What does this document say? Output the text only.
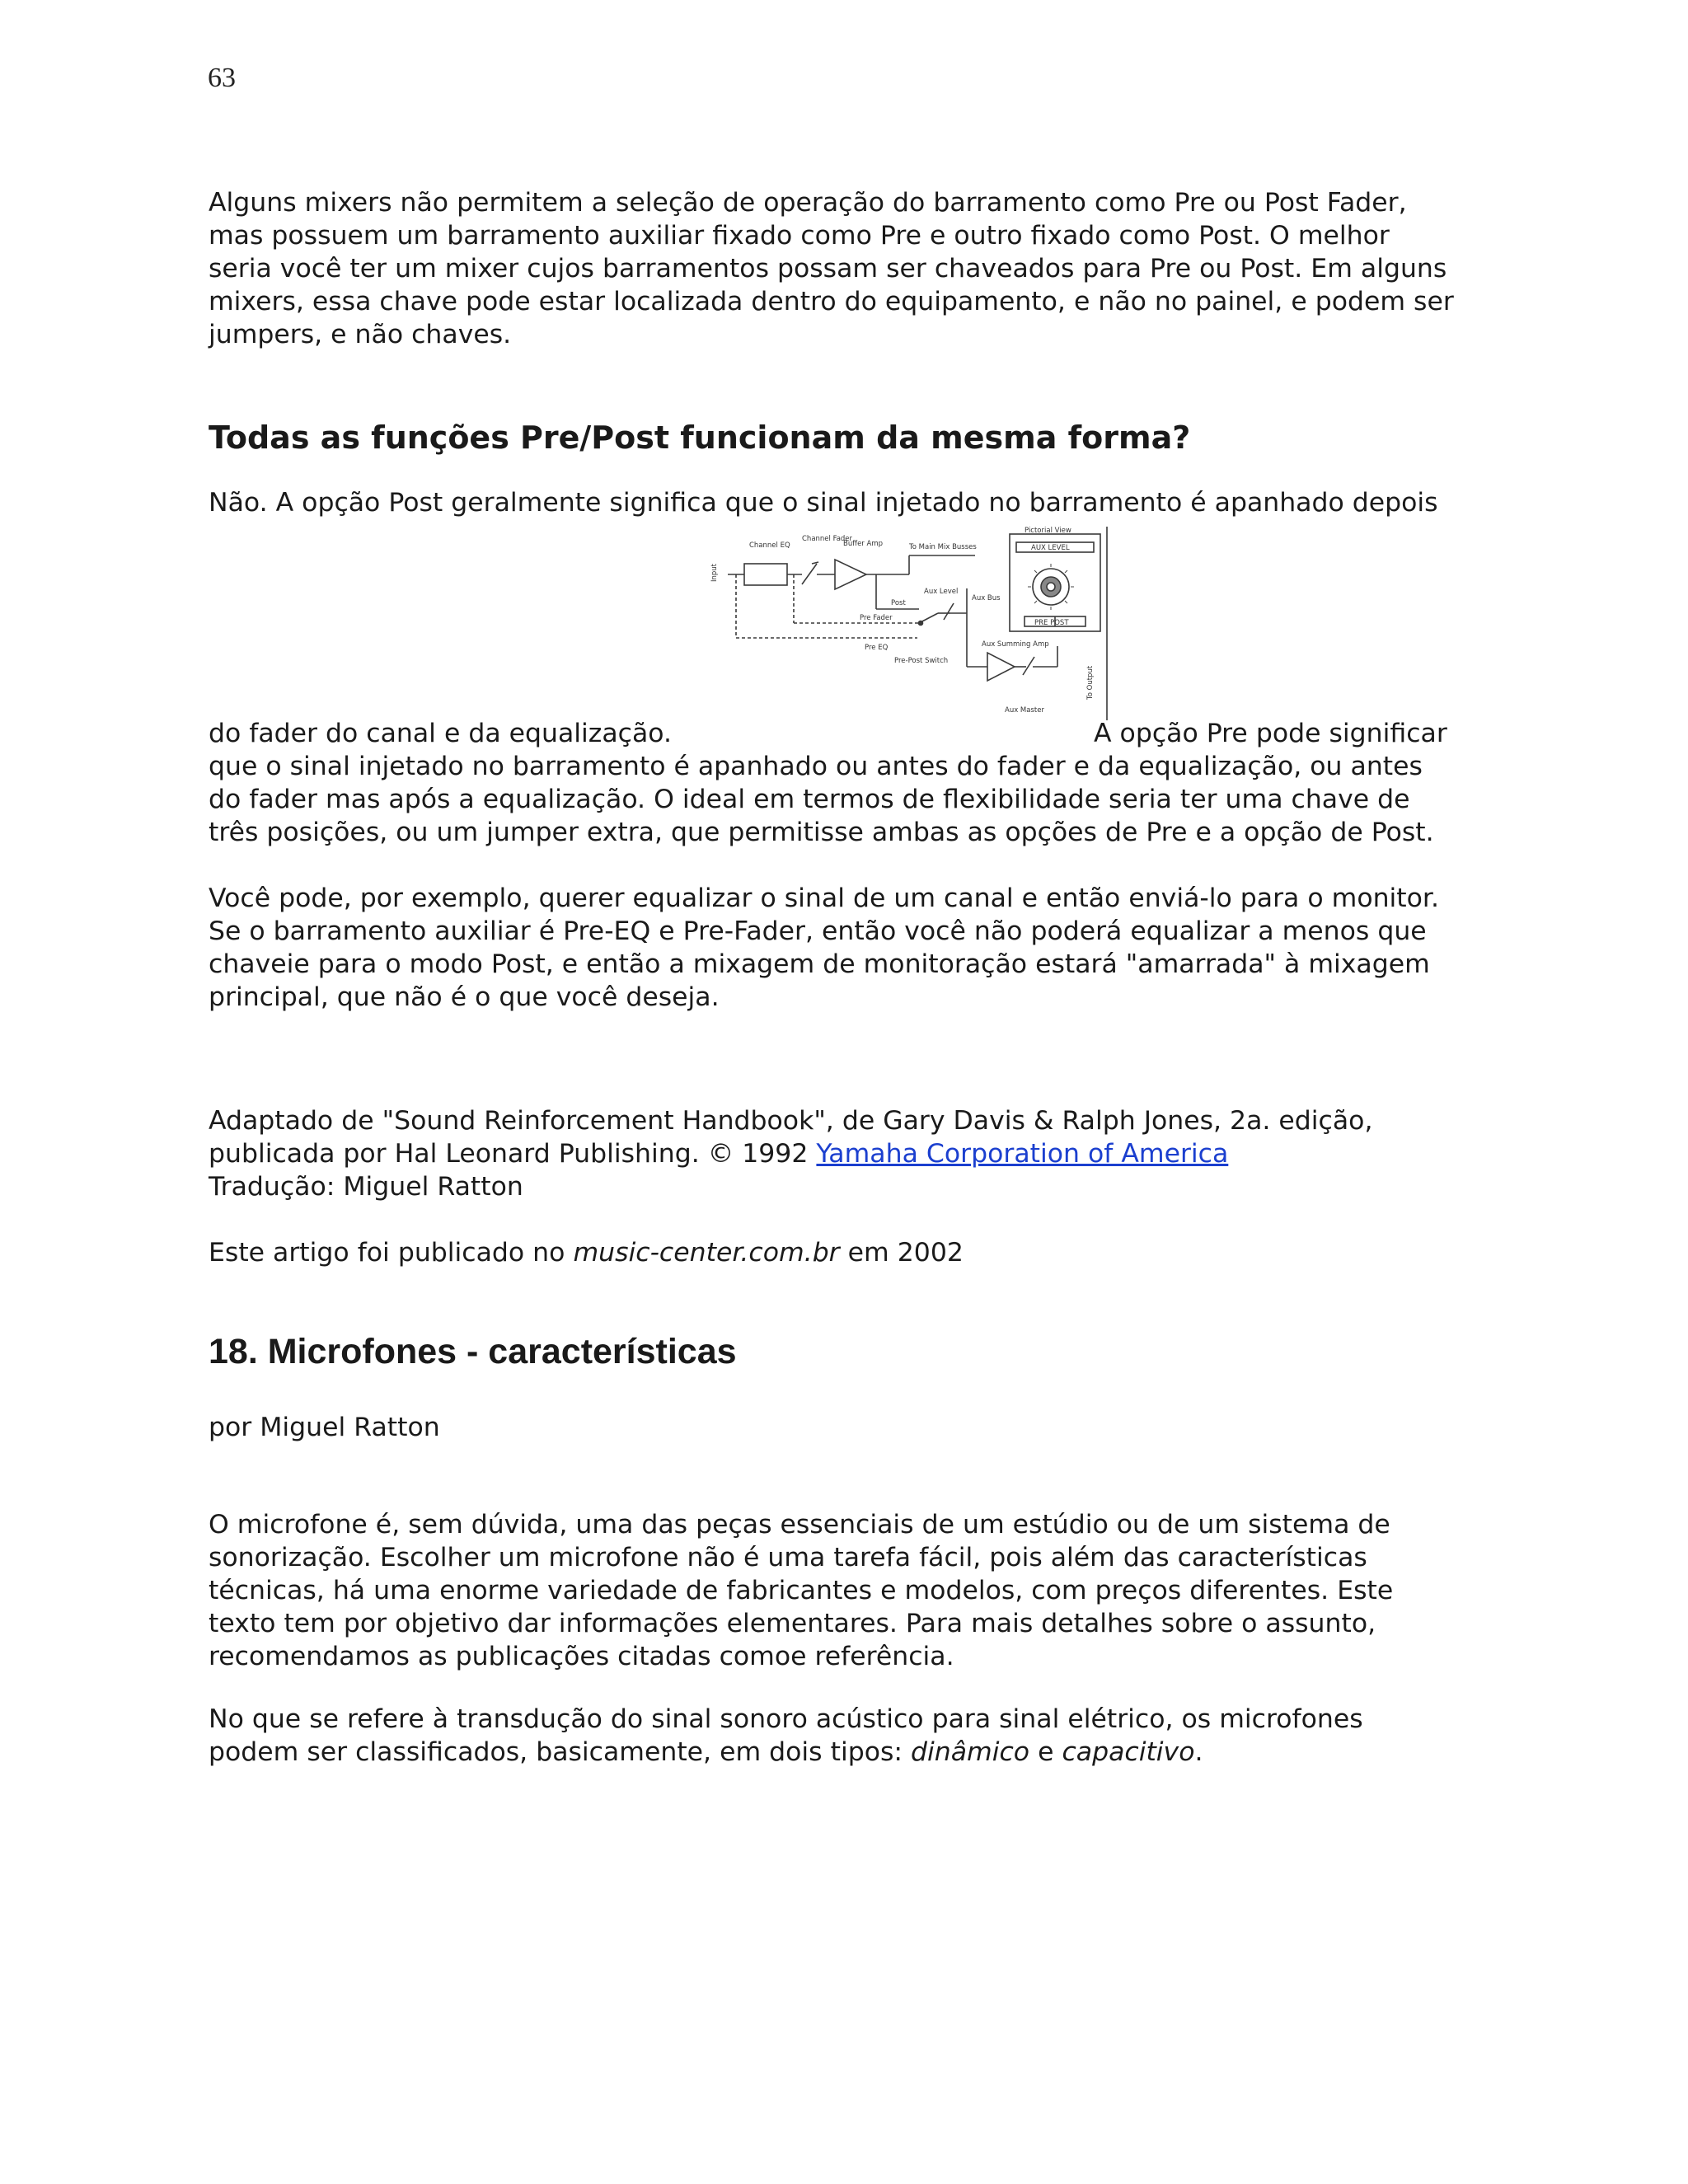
63

Alguns mixers não permitem a seleção de operação do barramento como Pre ou Post Fader,
mas possuem um barramento auxiliar fixado como Pre e outro fixado como Post. O melhor
seria você ter um mixer cujos barramentos possam ser chaveados para Pre ou Post. Em alguns
mixers, essa chave pode estar localizada dentro do equipamento, e não no painel, e podem ser
jumpers, e não chaves.

Todas as funções Pre/Post funcionam da mesma forma?

Não. A opção Post geralmente significa que o sinal injetado no barramento é apanhado depois

Input
Channel EQ
Channel Fader
Buffer Amp	To Main Mix Busses
Aux Level
Aux Bus
Post
Pre Fader
Pre EQ
Pre-Post Switch
Aux Summing Amp
Aux Master
To Output
Pictorial View
AUX LEVEL
PRE POST

do fader do canal e da equalização.	A opção Pre pode significar
que o sinal injetado no barramento é apanhado ou antes do fader e da equalização, ou antes
do fader mas após a equalização. O ideal em termos de flexibilidade seria ter uma chave de
três posições, ou um jumper extra, que permitisse ambas as opções de Pre e a opção de Post.

Você pode, por exemplo, querer equalizar o sinal de um canal e então enviá-lo para o monitor.
Se o barramento auxiliar é Pre-EQ e Pre-Fader, então você não poderá equalizar a menos que
chaveie para o modo Post, e então a mixagem de monitoração estará "amarrada" à mixagem
principal, que não é o que você deseja.

Adaptado de "Sound Reinforcement Handbook", de Gary Davis & Ralph Jones, 2a. edição,
publicada por Hal Leonard Publishing. © 1992 Yamaha Corporation of America
Tradução: Miguel Ratton

Este artigo foi publicado no music-center.com.br em 2002

18. Microfones - características

por Miguel Ratton

O microfone é, sem dúvida, uma das peças essenciais de um estúdio ou de um sistema de
sonorização. Escolher um microfone não é uma tarefa fácil, pois além das características
técnicas, há uma enorme variedade de fabricantes e modelos, com preços diferentes. Este
texto tem por objetivo dar informações elementares. Para mais detalhes sobre o assunto,
recomendamos as publicações citadas comoe referência.

No que se refere à transdução do sinal sonoro acústico para sinal elétrico, os microfones
podem ser classificados, basicamente, em dois tipos: dinâmico e capacitivo.
